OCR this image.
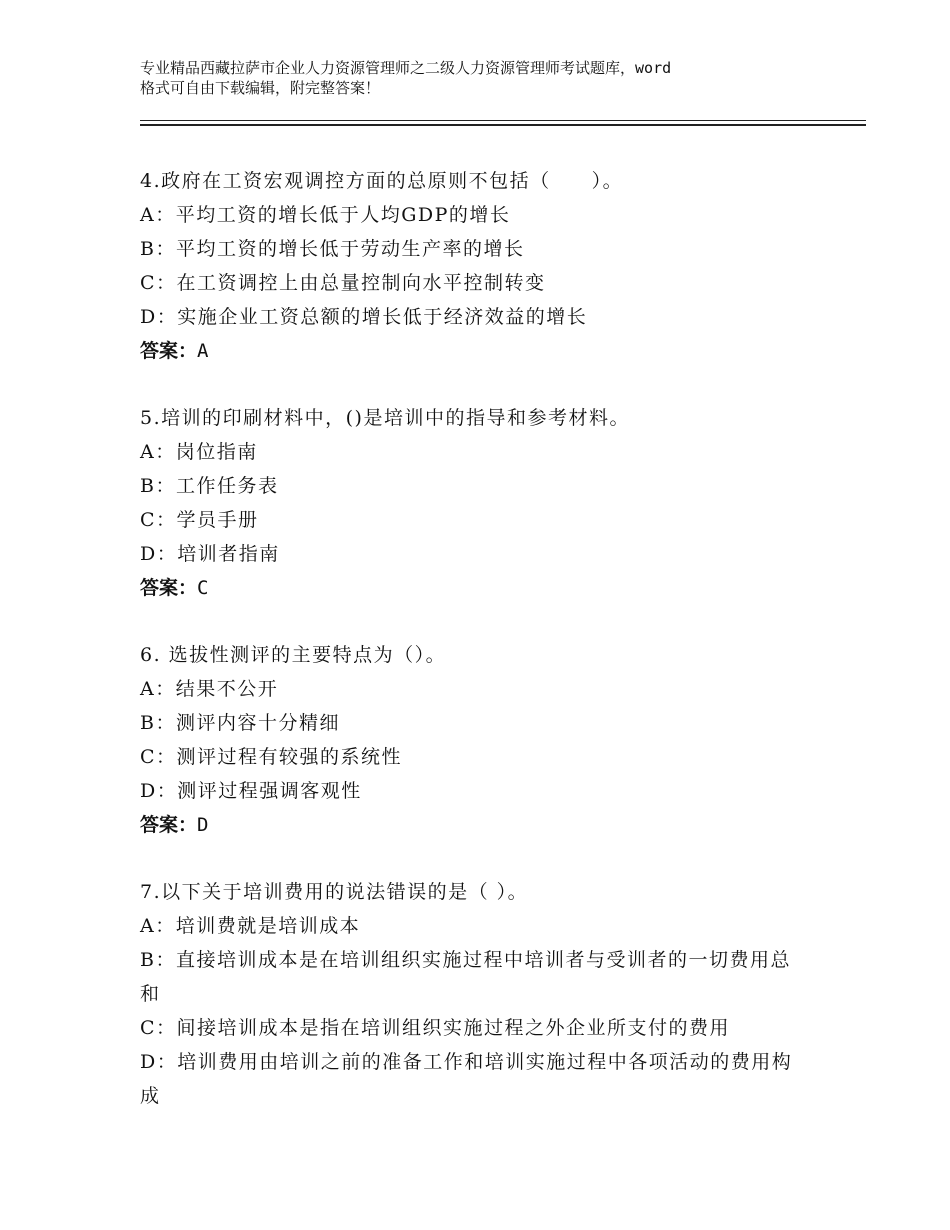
专业精品西藏拉萨市企业人力资源管理师之二级人力资源管理师考试题库，word
格式可自由下载编辑，附完整答案！
4.政府在工资宏观调控方面的总原则不包括（　　）。
A：平均工资的增长低于人均GDP的增长
B：平均工资的增长低于劳动生产率的增长
C：在工资调控上由总量控制向水平控制转变
D：实施企业工资总额的增长低于经济效益的增长
答案：A
5.培训的印刷材料中，()是培训中的指导和参考材料。
A：岗位指南
B：工作任务表
C：学员手册
D：培训者指南
答案：C
6. 选拔性测评的主要特点为（）。
A：结果不公开
B：测评内容十分精细
C：测评过程有较强的系统性
D：测评过程强调客观性
答案：D
7.以下关于培训费用的说法错误的是（ ）。
A：培训费就是培训成本
B：直接培训成本是在培训组织实施过程中培训者与受训者的一切费用总和
C：间接培训成本是指在培训组织实施过程之外企业所支付的费用
D：培训费用由培训之前的准备工作和培训实施过程中各项活动的费用构成
